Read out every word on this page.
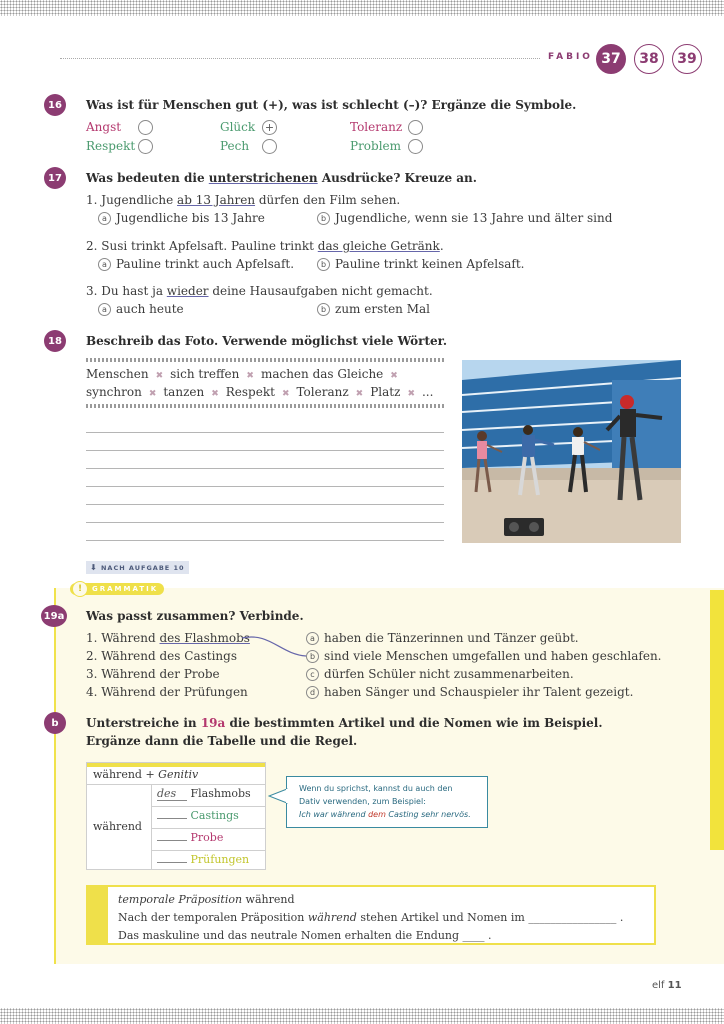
FABIO 37	38	39
16	Was ist für Menschen gut (+), was ist schlecht (–)? Ergänze die Symbole.
Angst	Glück +	Toleranz
Respekt	Pech	Problem
17	Was bedeuten die unterstrichenen Ausdrücke? Kreuze an.
1. Jugendliche ab 13 Jahren dürfen den Film sehen.
a Jugendliche bis 13 Jahre	b Jugendliche, wenn sie 13 Jahre und älter sind
2. Susi trinkt Apfelsaft. Pauline trinkt das gleiche Getränk.
a Pauline trinkt auch Apfelsaft.	b Pauline trinkt keinen Apfelsaft.
3. Du hast ja wieder deine Hausaufgaben nicht gemacht.
a auch heute	b zum ersten Mal
18	Beschreib das Foto. Verwende möglichst viele Wörter.
Menschen ✖ sich treffen ✖ machen das Gleiche ✖
synchron ✖ tanzen ✖ Respekt ✖ Toleranz ✖ Platz ✖ ...
⬇ NACH AUFGABE 10
GRAMMATIK
!
19a Was passt zusammen? Verbinde.
1. Während des Flashmobs
2. Während des Castings
3. Während der Probe
4. Während der Prüfungen
a haben die Tänzerinnen und Tänzer geübt.
b sind viele Menschen umgefallen und haben geschlafen.
c dürfen Schüler nicht zusammenarbeiten.
d haben Sänger und Schauspieler ihr Talent gezeigt.
b	Unterstreiche in 19a die bestimmten Artikel und die Nomen wie im Beispiel.
Ergänze dann die Tabelle und die Regel.
während + Genitiv
während
des Flashmobs
Castings
Probe
Prüfungen
Wenn du sprichst, kannst du auch den
Dativ verwenden, zum Beispiel:
Ich war während dem Casting sehr nervös.
temporale Präposition während
Nach der temporalen Präposition während stehen Artikel und Nomen im ________________ .
Das maskuline und das neutrale Nomen erhalten die Endung ____ .
elf 11
